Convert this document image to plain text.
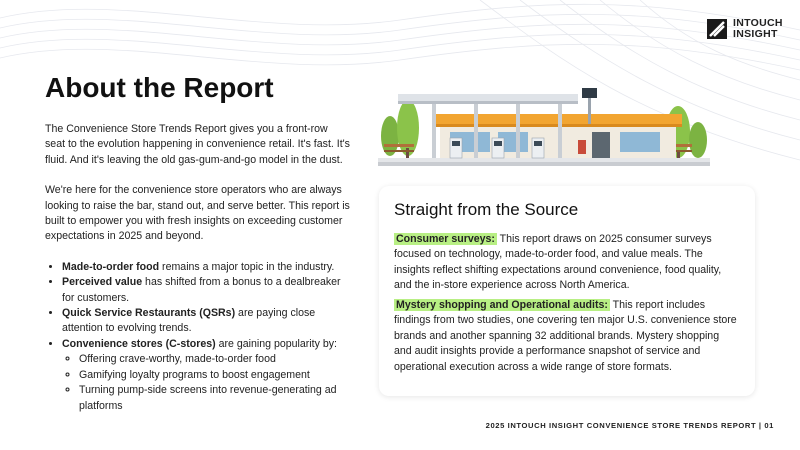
INTOUCH
INSIGHT
About the Report

The Convenience Store Trends Report gives you a front-row seat to the evolution happening in convenience retail. It's fast. It's fluid. And it's leaving the old gas-gum-and-go model in the dust.

We're here for the convenience store operators who are always looking to raise the bar, stand out, and serve better. This report is built to empower you with fresh insights on exceeding customer expectations in 2025 and beyond.

• Made-to-order food remains a major topic in the industry.
• Perceived value has shifted from a bonus to a dealbreaker for customers.
• Quick Service Restaurants (QSRs) are paying close attention to evolving trends.
• Convenience stores (C-stores) are gaining popularity by:
◦ Offering crave-worthy, made-to-order food
◦ Gamifying loyalty programs to boost engagement
◦ Turning pump-side screens into revenue-generating ad platforms
Straight from the Source

Consumer surveys: This report draws on 2025 consumer surveys focused on technology, made-to-order food, and value meals. The insights reflect shifting expectations around convenience, food quality, and the in-store experience across North America.

Mystery shopping and Operational audits: This report includes findings from two studies, one covering ten major U.S. convenience store brands and another spanning 32 additional brands. Mystery shopping and audit insights provide a performance snapshot of service and operational execution across a wide range of store formats.

2025 INTOUCH INSIGHT CONVENIENCE STORE TRENDS REPORT | 01
